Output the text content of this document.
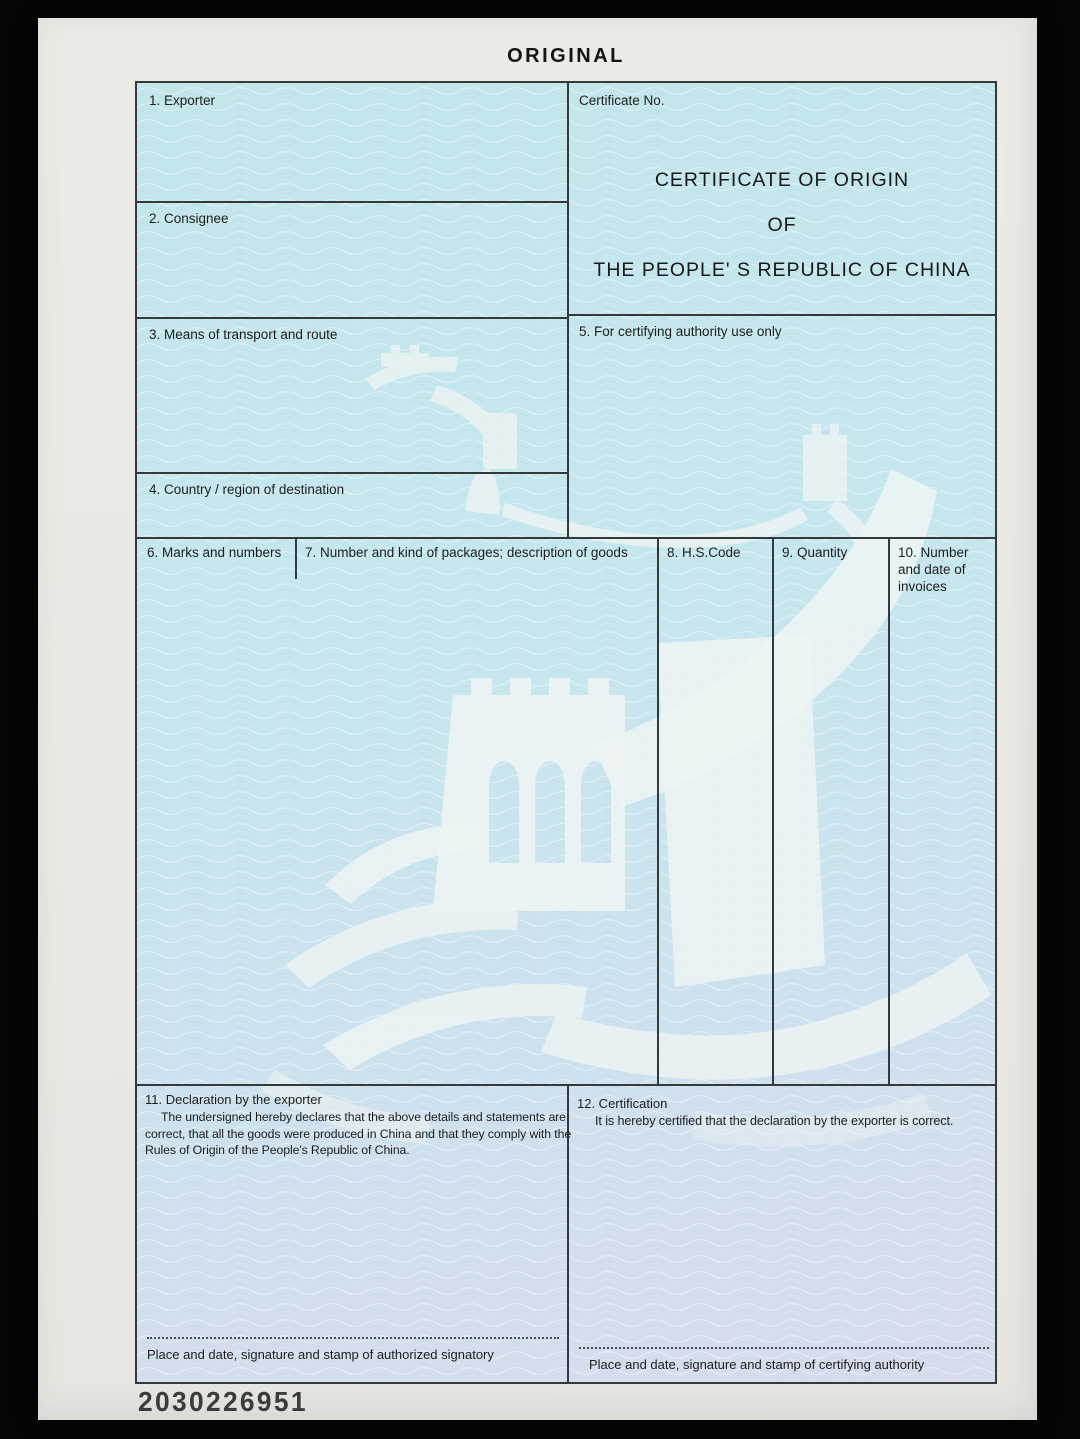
ORIGINAL
1. Exporter	Certificate No.
CERTIFICATE OF ORIGIN
OF
THE PEOPLE' S REPUBLIC OF CHINA
2. Consignee
3. Means of transport and route
4. Country / region of destination
5. For certifying authority use only
6. Marks and numbers	7. Number and kind of packages; description of goods	8. H.S.Code	9. Quantity	10. Number and date of invoices
11. Declaration by the exporter

The undersigned hereby declares that the above details and statements are correct, that all the goods were produced in China and that they comply with the Rules of Origin of the People's Republic of China.

Place and date, signature and stamp of authorized signatory
12. Certification

It is hereby certified that the declaration by the exporter is correct.

Place and date, signature and stamp of certifying authority
2030226951
